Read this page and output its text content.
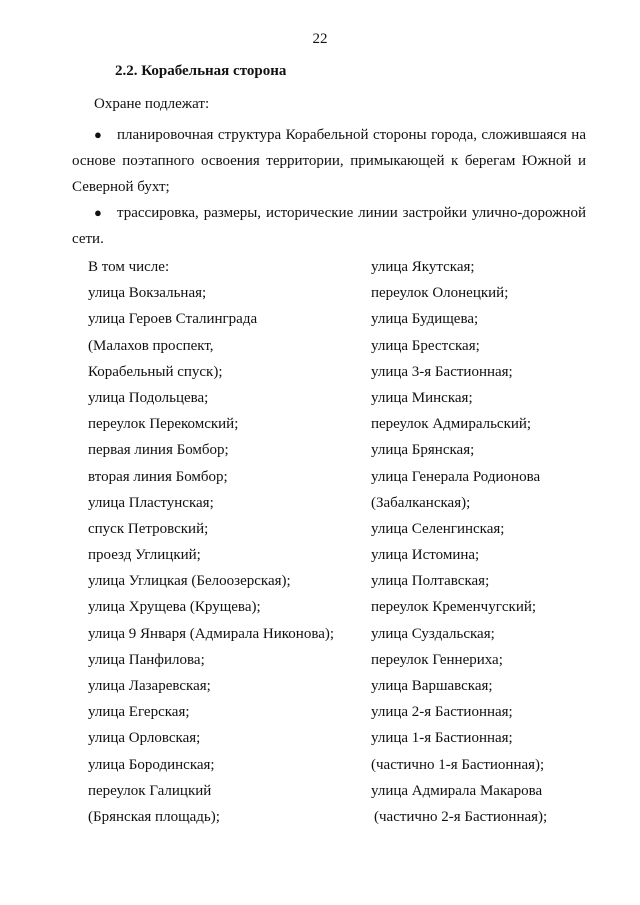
22
2.2. Корабельная сторона
Охране подлежат:
● планировочная структура Корабельной стороны города, сложившаяся на основе поэтапного освоения территории, примыкающей к берегам Южной и Северной бухт;
● трассировка, размеры, исторические линии застройки улично-дорожной сети.
В том числе:
улица Вокзальная;
улица Героев Сталинграда
(Малахов проспект,
Корабельный спуск);
улица Подольцева;
переулок Перекомский;
первая линия Бомбор;
вторая линия Бомбор;
улица Пластунская;
спуск Петровский;
проезд Углицкий;
улица Углицкая (Белоозерская);
улица Хрущева (Крущева);
улица 9 Января (Адмирала Никонова);
улица Панфилова;
улица Лазаревская;
улица Егерская;
улица Орловская;
улица Бородинская;
переулок Галицкий
(Брянская площадь);
улица Якутская;
переулок Олонецкий;
улица Будищева;
улица Брестская;
улица 3-я Бастионная;
улица Минская;
переулок Адмиральский;
улица Брянская;
улица Генерала Родионова
(Забалканская);
улица Селенгинская;
улица Истомина;
улица Полтавская;
переулок Кременчугский;
улица Суздальская;
переулок Геннериха;
улица Варшавская;
улица 2-я Бастионная;
улица 1-я Бастионная;
(частично 1-я Бастионная);
улица Адмирала Макарова
(частично 2-я Бастионная);
